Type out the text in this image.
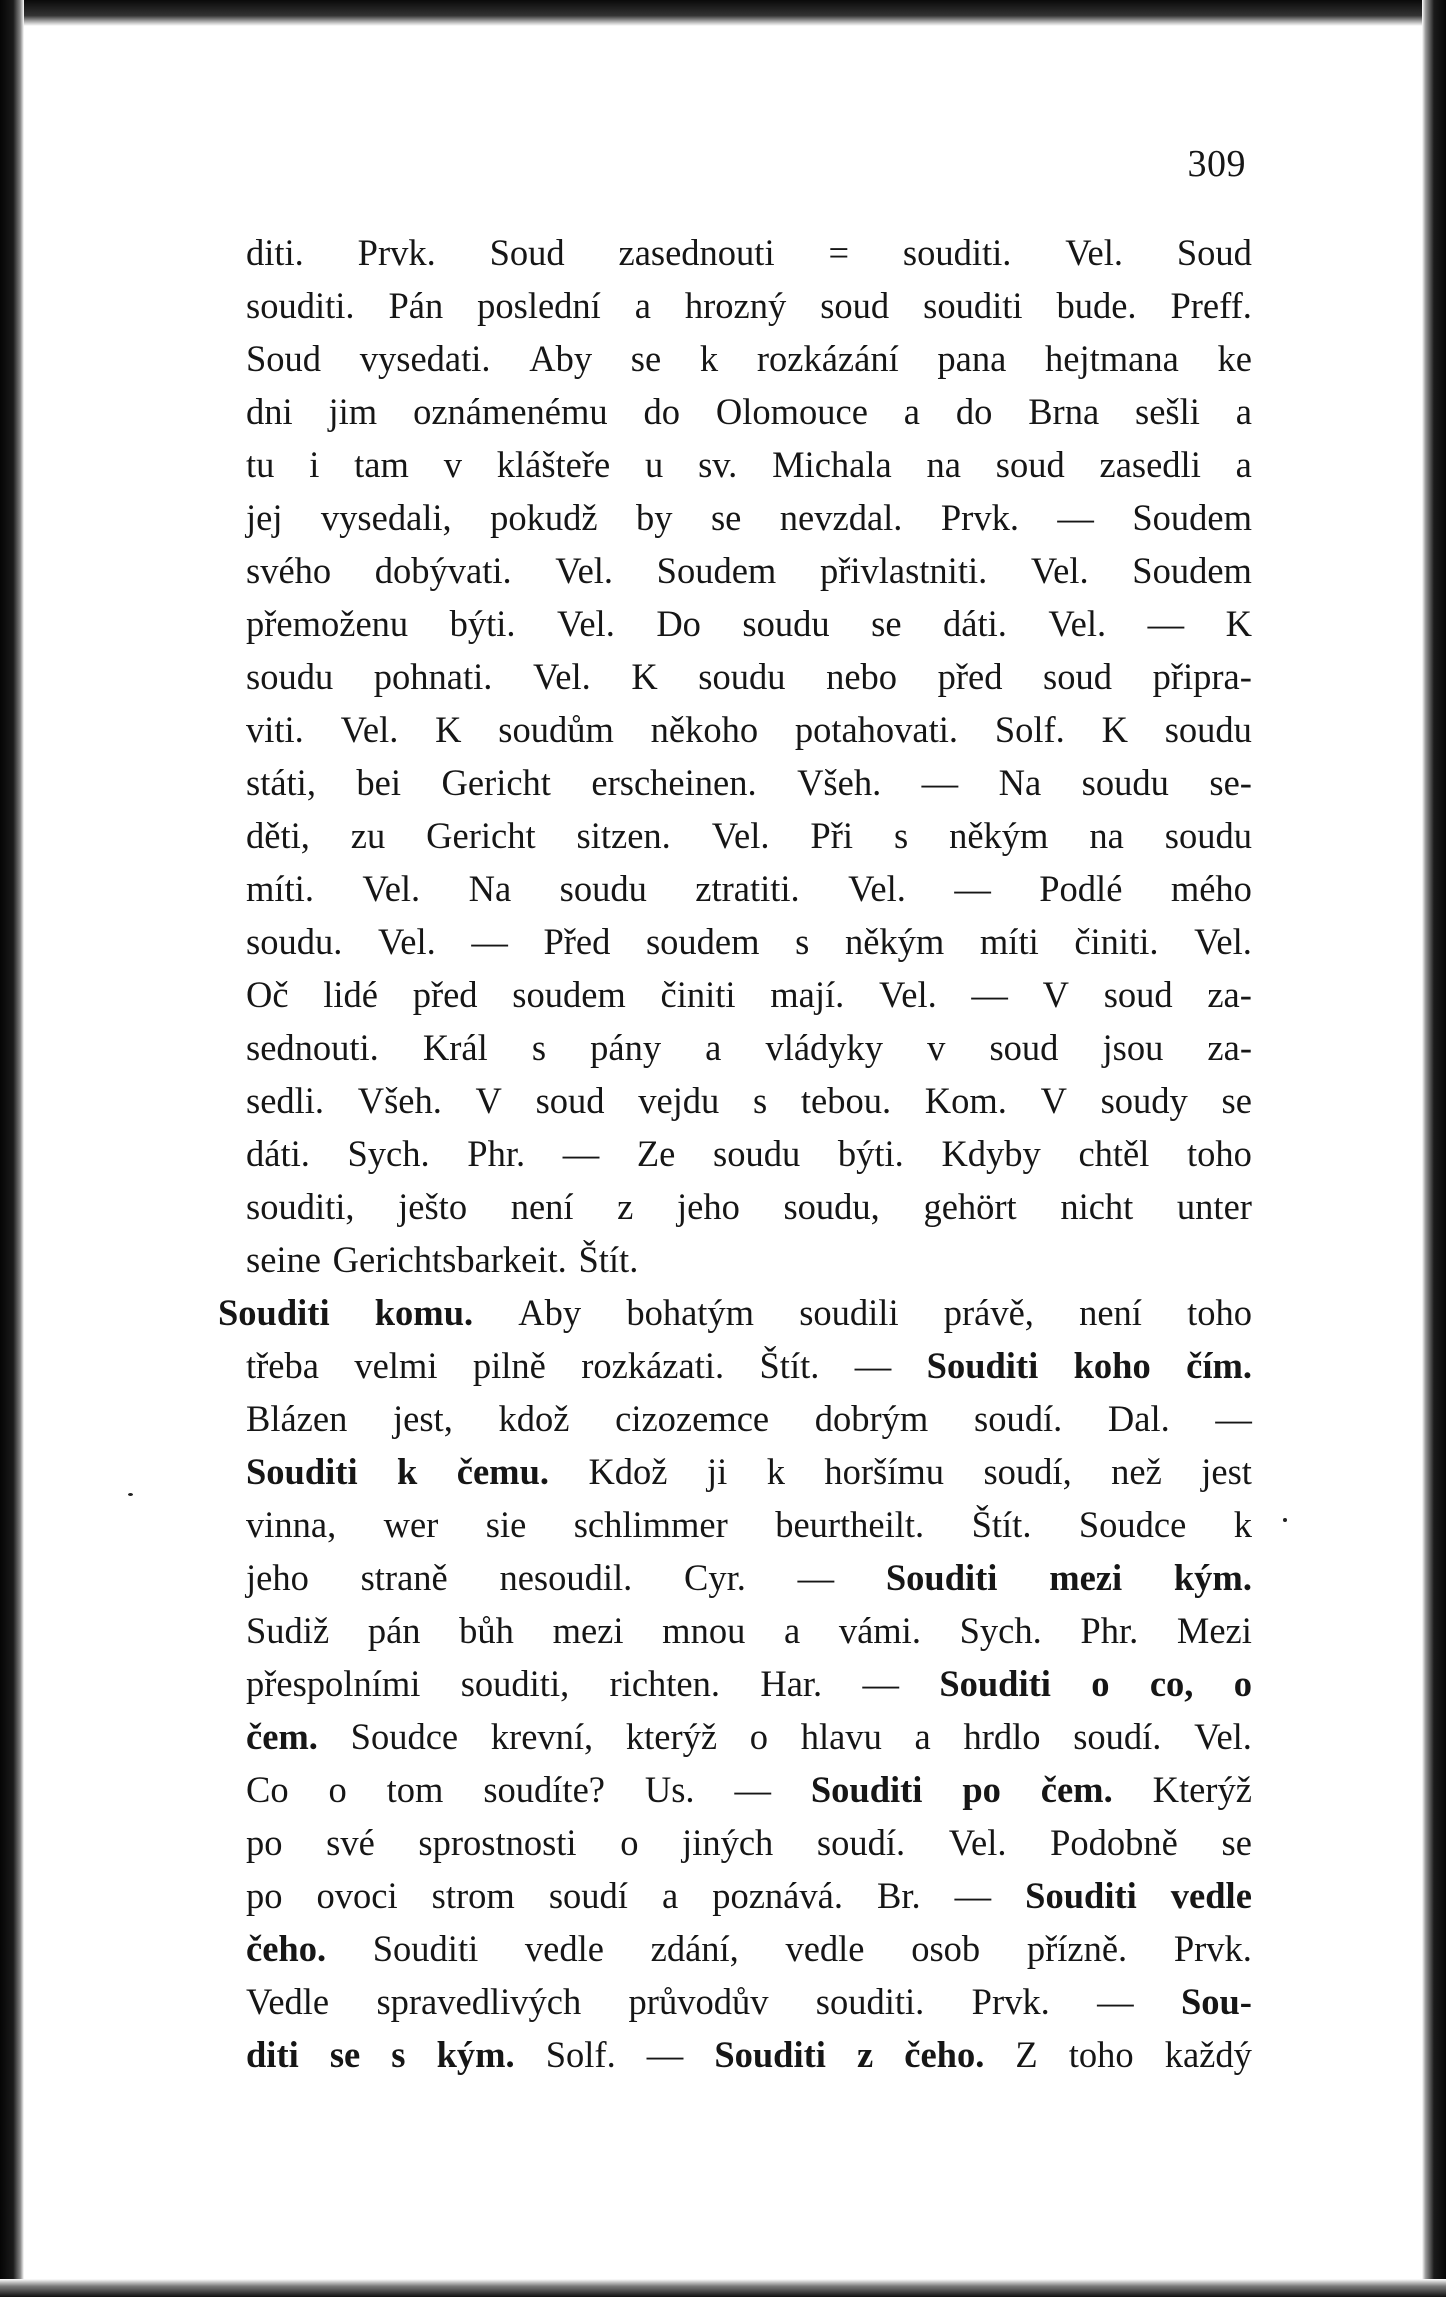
309
diti. Prvk. Soud zasednouti = souditi. Vel. Soud
souditi. Pán poslední a hrozný soud souditi bude. Preff.
Soud vysedati. Aby se k rozkázání pana hejtmana ke
dni jim oznámenému do Olomouce a do Brna sešli a
tu i tam v klášteře u sv. Michala na soud zasedli a
jej vysedali, pokudž by se nevzdal. Prvk. — Soudem
svého dobývati. Vel. Soudem přivlastniti. Vel. Soudem
přemoženu býti. Vel. Do soudu se dáti. Vel. — K
soudu pohnati. Vel. K soudu nebo před soud připra-
viti. Vel. K soudům někoho potahovati. Solf. K soudu
státi, bei Gericht erscheinen. Všeh. — Na soudu se-
děti, zu Gericht sitzen. Vel. Při s někým na soudu
míti. Vel. Na soudu ztratiti. Vel. — Podlé mého
soudu. Vel. — Před soudem s někým míti činiti. Vel.
Oč lidé před soudem činiti mají. Vel. — V soud za-
sednouti. Král s pány a vládyky v soud jsou za-
sedli. Všeh. V soud vejdu s tebou. Kom. V soudy se
dáti. Sych. Phr. — Ze soudu býti. Kdyby chtěl toho
souditi, ješto není z jeho soudu, gehört nicht unter
seine Gerichtsbarkeit. Štít.
Souditi komu. Aby bohatým soudili právě, není toho
třeba velmi pilně rozkázati. Štít. — Souditi koho čím.
Blázen jest, kdož cizozemce dobrým soudí. Dal. —
Souditi k čemu. Kdož ji k horšímu soudí, než jest
vinna, wer sie schlimmer beurtheilt. Štít. Soudce k
jeho straně nesoudil. Cyr. — Souditi mezi kým.
Sudiž pán bůh mezi mnou a vámi. Sych. Phr. Mezi
přespolními souditi, richten. Har. — Souditi o co, o
čem. Soudce krevní, kterýž o hlavu a hrdlo soudí. Vel.
Co o tom soudíte? Us. — Souditi po čem. Kterýž
po své sprostnosti o jiných soudí. Vel. Podobně se
po ovoci strom soudí a poznává. Br. — Souditi vedle
čeho. Souditi vedle zdání, vedle osob přízně. Prvk.
Vedle spravedlivých průvodův souditi. Prvk. — Sou-
diti se s kým. Solf. — Souditi z čeho. Z toho každý
